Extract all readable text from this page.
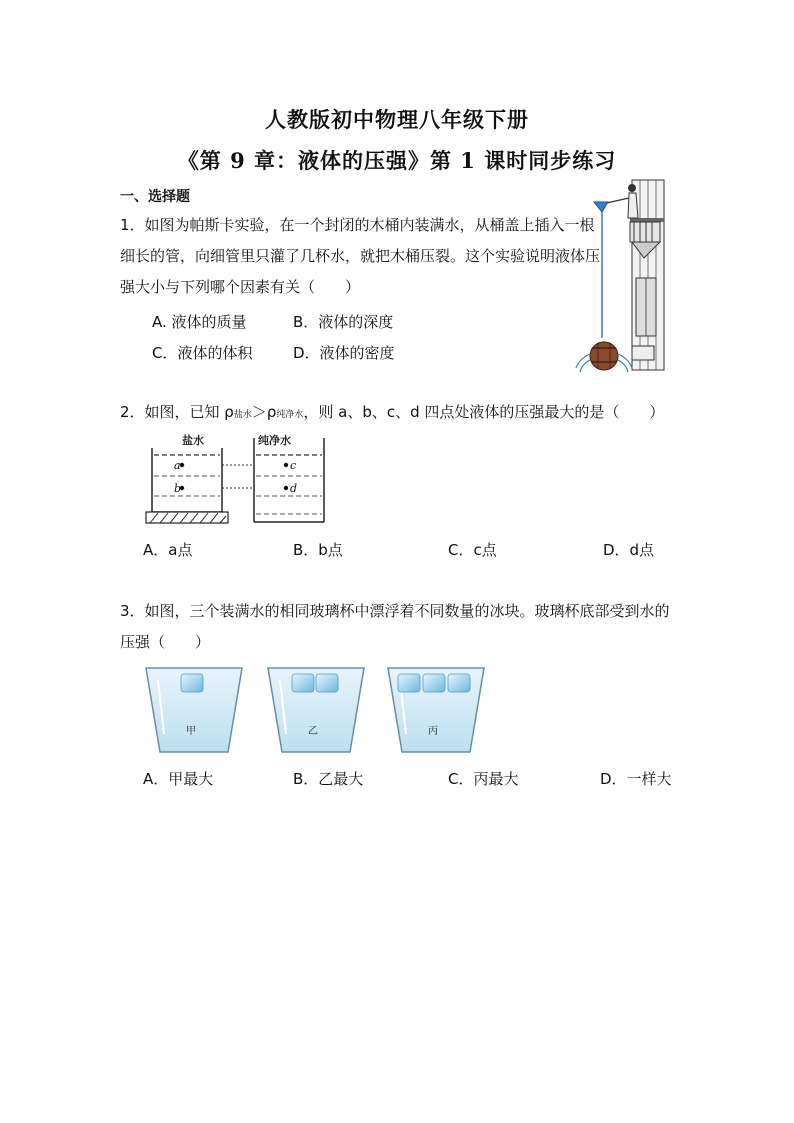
人教版初中物理八年级下册
《第 9 章：液体的压强》第 1 课时同步练习
一、选择题
1．如图为帕斯卡实验，在一个封闭的木桶内装满水，从桶盖上插入一根细长的管，向细管里只灌了几杯水，就把木桶压裂。这个实验说明液体压强大小与下列哪个因素有关（　　）
A. 液体的质量	B．液体的深度
C．液体的体积	D．液体的密度
2．如图，已知 ρ盐水＞ρ纯净水，则 a、b、c、d 四点处液体的压强最大的是（　　）
盐水	纯净水
a
b
c
d
A．a点	B．b点	C．c点	D．d点
3．如图，三个装满水的相同玻璃杯中漂浮着不同数量的冰块。玻璃杯底部受到水的压强（　　）
甲	乙	丙
A．甲最大	B．乙最大	C．丙最大	D．一样大
